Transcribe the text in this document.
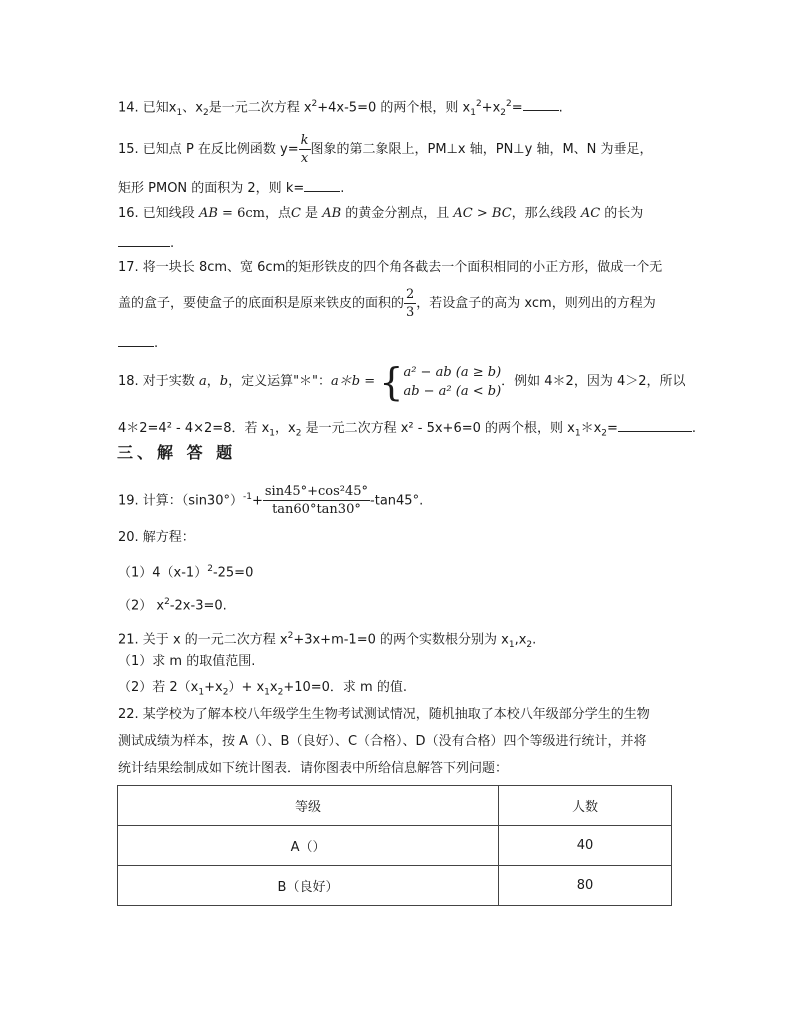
14. 已知$x_1$、$x_2$是一元二次方程 $x^2+4x-5=0$ 的两个根，则 $x_1^2+x_2^2=$	.
15. 已知点 P 在反比例函数 $y= \frac{k}{x}$ 图象的第二象限上，PM⊥x 轴，PN⊥y 轴，M、N 为垂足，
矩形 PMON 的面积为 2，则 k=	.
16. 已知线段 AB = 6cm，点C 是 AB 的黄金分割点，且 AC > BC，那么线段 AC 的长为
.
17. 将一块长 8cm、宽 6cm的矩形铁皮的四个角各截去一个面积相同的小正方形，做成一个无
盖的盒子，要使盒子的底面积是原来铁皮的面积的 $\frac{2}{3}$ ，若设盒子的高为 xcm，则列出的方程为
.
18. 对于实数 a，b，定义运算"＊"：a＊b = {a² − ab (a ≥ b)
ab − a² (a < b)．例如 4＊2，因为 4＞2，所以
4＊2=4² - 4×2=8．若 $x_1$，$x_2$ 是一元二次方程 x² - 5x+6=0 的两个根，则 $x_1*x_2=$	.
三、解 答 题
19. 计算：$(\sin 30^\circ)^{-1}+ \frac{\text{sin45°+cos²45°}}{\tan 60^\circ\tan 30^\circ} -\tan 45^\circ$.
20. 解方程：
$(1)4(x-1)^2-25=0$
（2） $x^2-2x-3=0$.
21. 关于 x 的一元二次方程 $x^2+3x+m-1=0$ 的两个实数根分别为 $x_1,x_2$.
（1）求 m 的取值范围.
（2）若 $2(x_1+x_2)+ x_1x_2+10=0$．求 m 的值.
22. 某学校为了解本校八年级学生生物考试测试情况，随机抽取了本校八年级部分学生的生物
测试成绩为样本，按 A（）、B（良好）、C（合格）、D（没有合格）四个等级进行统计，并将
统计结果绘制成如下统计图表．请你图表中所给信息解答下列问题：
等级	人数
A（）	40
B（良好）	80
